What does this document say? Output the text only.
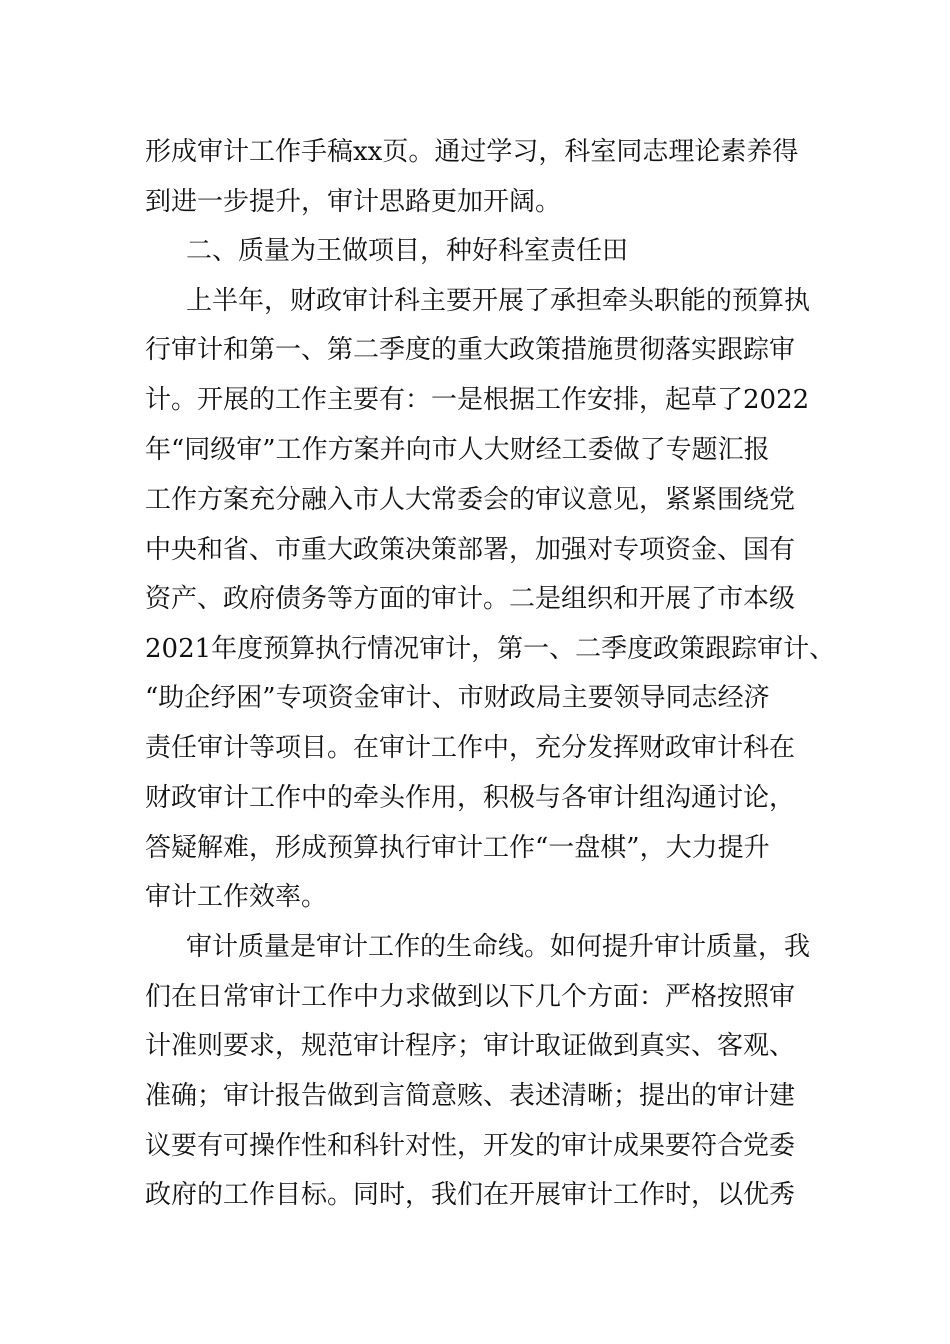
形成审计工作手稿xx页。通过学习，科室同志理论素养得
到进一步提升，审计思路更加开阔。
二、质量为王做项目，种好科室责任田
上半年，财政审计科主要开展了承担牵头职能的预算执
行审计和第一、第二季度的重大政策措施贯彻落实跟踪审
计。开展的工作主要有：一是根据工作安排，起草了2022
年“同级审”工作方案并向市人大财经工委做了专题汇报
工作方案充分融入市人大常委会的审议意见，紧紧围绕党
中央和省、市重大政策决策部署，加强对专项资金、国有
资产、政府债务等方面的审计。二是组织和开展了市本级
2021年度预算执行情况审计，第一、二季度政策跟踪审计、
“助企纾困”专项资金审计、市财政局主要领导同志经济
责任审计等项目。在审计工作中，充分发挥财政审计科在
财政审计工作中的牵头作用，积极与各审计组沟通讨论，
答疑解难，形成预算执行审计工作“一盘棋”，大力提升
审计工作效率。
审计质量是审计工作的生命线。如何提升审计质量，我
们在日常审计工作中力求做到以下几个方面：严格按照审
计准则要求，规范审计程序；审计取证做到真实、客观、
准确；审计报告做到言简意赅、表述清晰；提出的审计建
议要有可操作性和科针对性，开发的审计成果要符合党委
政府的工作目标。同时，我们在开展审计工作时，以优秀
